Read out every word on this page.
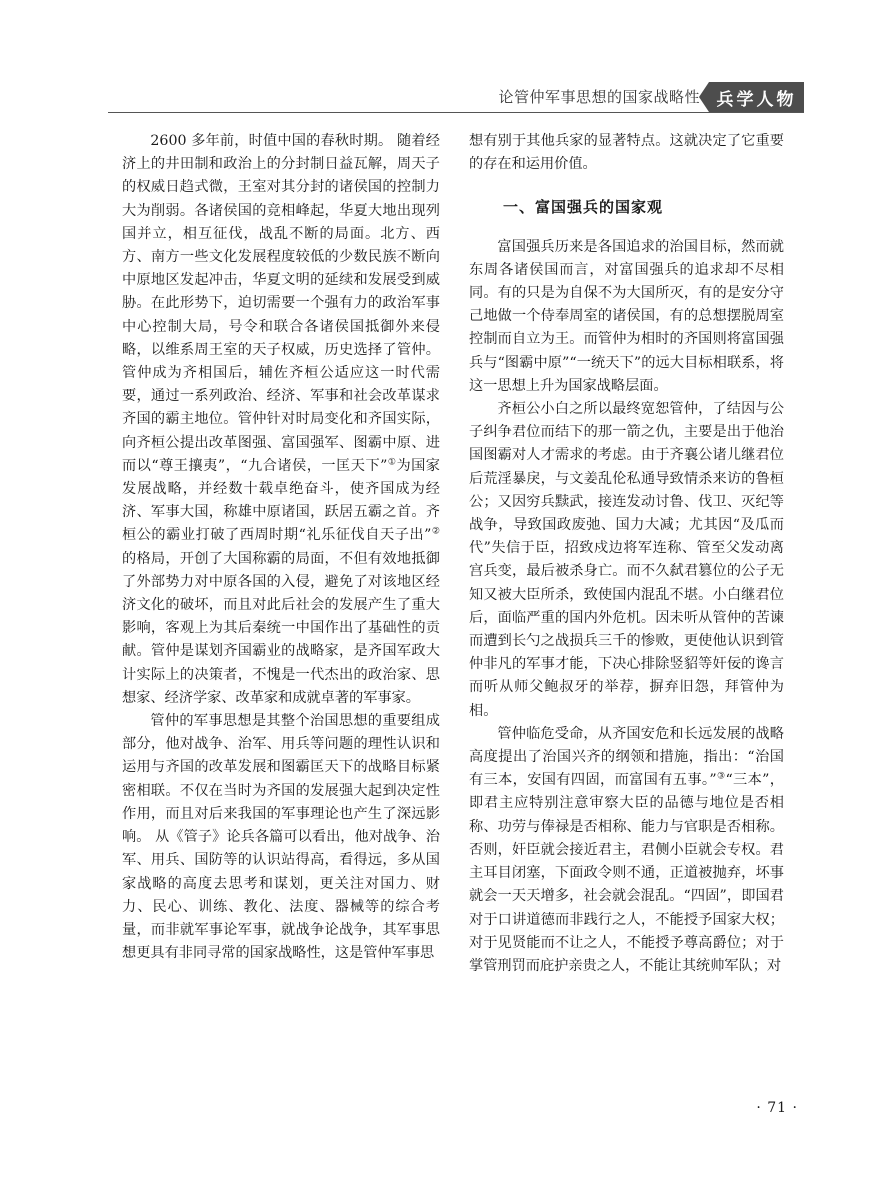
论管仲军事思想的国家战略性 兵学人物

2600 多年前，时值中国的春秋时期。 随着经济上的井田制和政治上的分封制日益瓦解，周天子的权威日趋式微，王室对其分封的诸侯国的控制力大为削弱。各诸侯国的竞相峰起，华夏大地出现列国并立，相互征伐，战乱不断的局面。北方、西方、南方一些文化发展程度较低的少数民族不断向中原地区发起冲击，华夏文明的延续和发展受到威胁。在此形势下，迫切需要一个强有力的政治军事中心控制大局，号令和联合各诸侯国抵御外来侵略，以维系周王室的天子权威，历史选择了管仲。管仲成为齐相国后，辅佐齐桓公适应这一时代需要，通过一系列政治、经济、军事和社会改革谋求齐国的霸主地位。管仲针对时局变化和齐国实际，向齐桓公提出改革图强、富国强军、图霸中原、进而以“尊王攘夷”，“九合诸侯，一匡天下”①为国家发展战略，并经数十载卓绝奋斗，使齐国成为经济、军事大国，称雄中原诸国，跃居五霸之首。齐桓公的霸业打破了西周时期“礼乐征伐自天子出”②的格局，开创了大国称霸的局面，不但有效地抵御了外部势力对中原各国的入侵，避免了对该地区经济文化的破坏，而且对此后社会的发展产生了重大影响，客观上为其后秦统一中国作出了基础性的贡献。管仲是谋划齐国霸业的战略家，是齐国军政大计实际上的决策者，不愧是一代杰出的政治家、思想家、经济学家、改革家和成就卓著的军事家。

管仲的军事思想是其整个治国思想的重要组成部分，他对战争、治军、用兵等问题的理性认识和运用与齐国的改革发展和图霸匡天下的战略目标紧密相联。不仅在当时为齐国的发展强大起到决定性作用，而且对后来我国的军事理论也产生了深远影响。 从《管子》论兵各篇可以看出，他对战争、治军、用兵、国防等的认识站得高，看得远，多从国家战略的高度去思考和谋划，更关注对国力、财力、民心、训练、教化、法度、器械等的综合考量，而非就军事论军事，就战争论战争，其军事思想更具有非同寻常的国家战略性，这是管仲军事思

想有别于其他兵家的显著特点。这就决定了它重要的存在和运用价值。

一、富国强兵的国家观

富国强兵历来是各国追求的治国目标，然而就东周各诸侯国而言，对富国强兵的追求却不尽相同。有的只是为自保不为大国所灭，有的是安分守己地做一个侍奉周室的诸侯国，有的总想摆脱周室控制而自立为王。而管仲为相时的齐国则将富国强兵与“图霸中原”“一统天下”的远大目标相联系，将这一思想上升为国家战略层面。

齐桓公小白之所以最终宽恕管仲，了结因与公子纠争君位而结下的那一箭之仇，主要是出于他治国图霸对人才需求的考虑。由于齐襄公诸儿继君位后荒淫暴戾，与文姜乱伦私通导致情杀来访的鲁桓公；又因穷兵黩武，接连发动讨鲁、伐卫、灭纪等战争，导致国政废弛、国力大减；尤其因“及瓜而代”失信于臣，招致戍边将军连称、管至父发动离宫兵变，最后被杀身亡。而不久弑君篡位的公子无知又被大臣所杀，致使国内混乱不堪。小白继君位后，面临严重的国内外危机。因未听从管仲的苦谏而遭到长勺之战损兵三千的惨败，更使他认识到管仲非凡的军事才能，下决心排除竖貂等奸佞的谗言而听从师父鲍叔牙的举荐，摒弃旧怨，拜管仲为相。

管仲临危受命，从齐国安危和长远发展的战略高度提出了治国兴齐的纲领和措施，指出：“治国有三本，安国有四固，而富国有五事。”③“三本”，即君主应特别注意审察大臣的品德与地位是否相称、功劳与俸禄是否相称、能力与官职是否相称。否则，奸臣就会接近君主，君侧小臣就会专权。君主耳目闭塞，下面政令则不通，正道被抛弃，坏事就会一天天增多，社会就会混乱。“四固”，即国君对于口讲道德而非践行之人，不能授予国家大权；对于见贤能而不让之人，不能授予尊高爵位；对于掌管刑罚而庇护亲贵之人，不能让其统帅军队；对

· 71 ·
